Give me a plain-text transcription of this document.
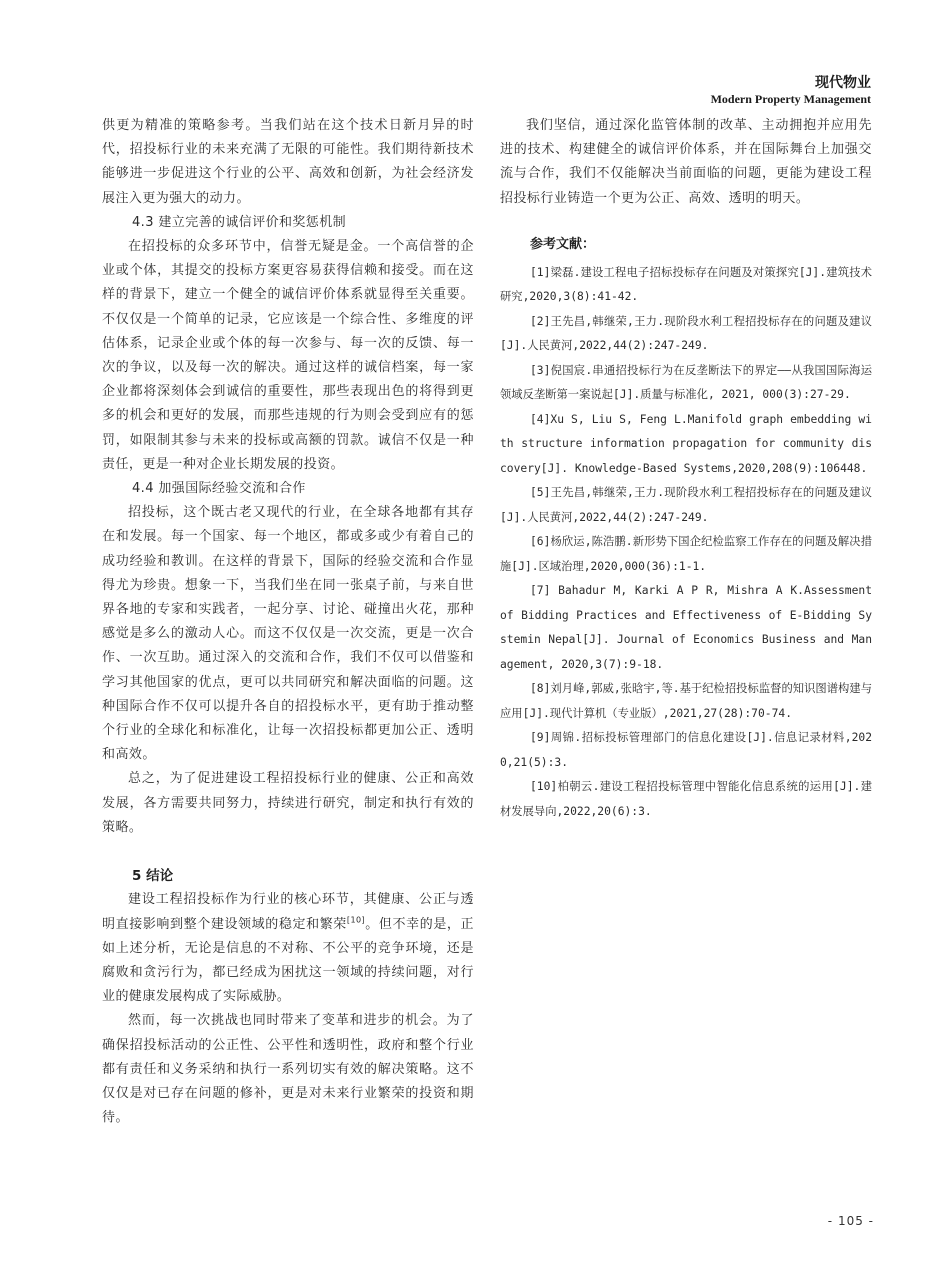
现代物业
Modern Property Management

供更为精准的策略参考。当我们站在这个技术日新月异的时代，招投标行业的未来充满了无限的可能性。我们期待新技术能够进一步促进这个行业的公平、高效和创新，为社会经济发展注入更为强大的动力。

4.3 建立完善的诚信评价和奖惩机制

在招投标的众多环节中，信誉无疑是金。一个高信誉的企业或个体，其提交的投标方案更容易获得信赖和接受。而在这样的背景下，建立一个健全的诚信评价体系就显得至关重要。不仅仅是一个简单的记录，它应该是一个综合性、多维度的评估体系，记录企业或个体的每一次参与、每一次的反馈、每一次的争议，以及每一次的解决。通过这样的诚信档案，每一家企业都将深刻体会到诚信的重要性，那些表现出色的将得到更多的机会和更好的发展，而那些违规的行为则会受到应有的惩罚，如限制其参与未来的投标或高额的罚款。诚信不仅是一种责任，更是一种对企业长期发展的投资。

4.4 加强国际经验交流和合作

招投标，这个既古老又现代的行业，在全球各地都有其存在和发展。每一个国家、每一个地区，都或多或少有着自己的成功经验和教训。在这样的背景下，国际的经验交流和合作显得尤为珍贵。想象一下，当我们坐在同一张桌子前，与来自世界各地的专家和实践者，一起分享、讨论、碰撞出火花，那种感觉是多么的激动人心。而这不仅仅是一次交流，更是一次合作、一次互助。通过深入的交流和合作，我们不仅可以借鉴和学习其他国家的优点，更可以共同研究和解决面临的问题。这种国际合作不仅可以提升各自的招投标水平，更有助于推动整个行业的全球化和标准化，让每一次招投标都更加公正、透明和高效。

总之，为了促进建设工程招投标行业的健康、公正和高效发展，各方需要共同努力，持续进行研究，制定和执行有效的策略。

5 结论

建设工程招投标作为行业的核心环节，其健康、公正与透明直接影响到整个建设领域的稳定和繁荣[10]。但不幸的是，正如上述分析，无论是信息的不对称、不公平的竞争环境，还是腐败和贪污行为，都已经成为困扰这一领域的持续问题，对行业的健康发展构成了实际威胁。

然而，每一次挑战也同时带来了变革和进步的机会。为了确保招投标活动的公正性、公平性和透明性，政府和整个行业都有责任和义务采纳和执行一系列切实有效的解决策略。这不仅仅是对已存在问题的修补，更是对未来行业繁荣的投资和期待。

我们坚信，通过深化监管体制的改革、主动拥抱并应用先进的技术、构建健全的诚信评价体系，并在国际舞台上加强交流与合作，我们不仅能解决当前面临的问题，更能为建设工程招投标行业铸造一个更为公正、高效、透明的明天。

参考文献：

[1]梁磊.建设工程电子招标投标存在问题及对策探究[J].建筑技术研究,2020,3(8):41-42.

[2]王先昌,韩继荣,王力.现阶段水利工程招投标存在的问题及建议[J].人民黄河,2022,44(2):247-249.

[3]倪国宸.串通招投标行为在反垄断法下的界定——从我国国际海运领域反垄断第一案说起[J].质量与标准化, 2021, 000(3):27-29.

[4]Xu S, Liu S, Feng L.Manifold graph embedding with structure information propagation for community discovery[J]. Knowledge-Based Systems,2020,208(9):106448.

[5]王先昌,韩继荣,王力.现阶段水利工程招投标存在的问题及建议[J].人民黄河,2022,44(2):247-249.

[6]杨欣运,陈浩鹏.新形势下国企纪检监察工作存在的问题及解决措施[J].区域治理,2020,000(36):1-1.

[7] Bahadur M, Karki A P R, Mishra A K.Assessment of Bidding Practices and Effectiveness of E-Bidding Systemin Nepal[J]. Journal of Economics Business and Management, 2020,3(7):9-18.

[8]刘月峰,郭威,张晗宇,等.基于纪检招投标监督的知识图谱构建与应用[J].现代计算机（专业版）,2021,27(28):70-74.

[9]周锦.招标投标管理部门的信息化建设[J].信息记录材料,2020,21(5):3.

[10]柏朝云.建设工程招投标管理中智能化信息系统的运用[J].建材发展导向,2022,20(6):3.

- 105 -
